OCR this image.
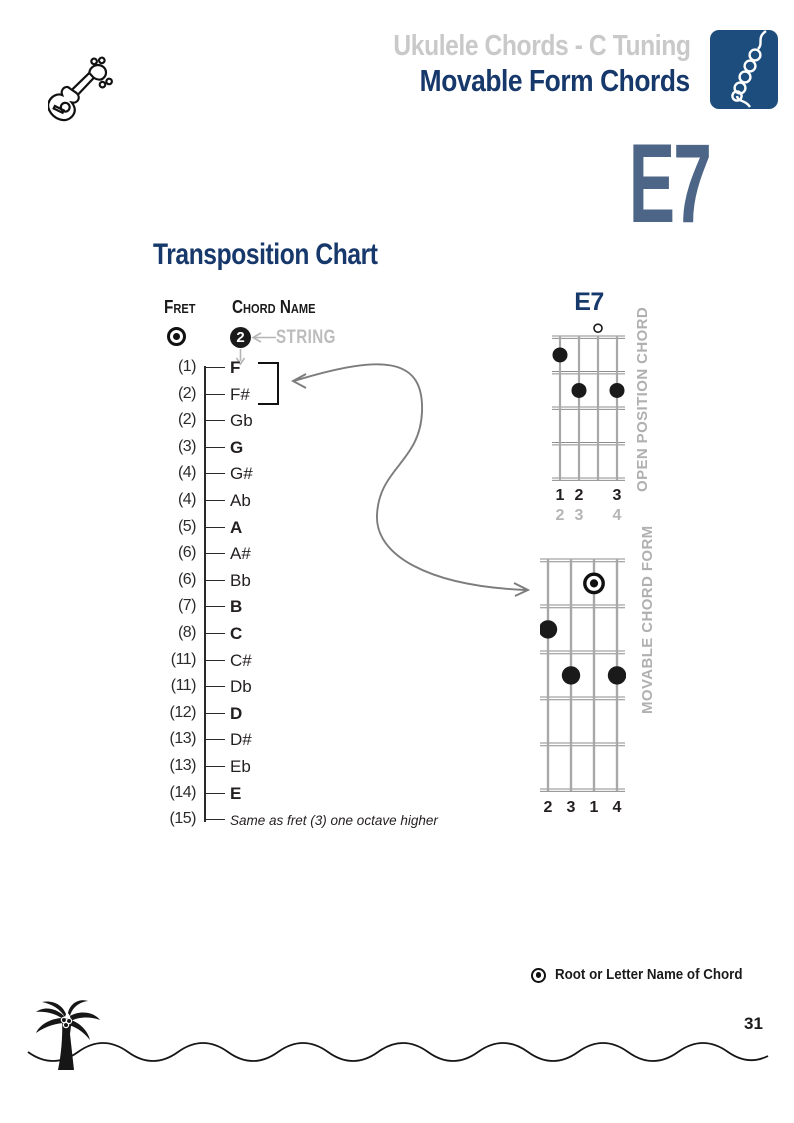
Ukulele Chords - C Tuning
Movable Form Chords
E7
Transposition Chart
Fret Chord Name
2	STRING
(1) F
(2) F#
(2) Gb
(3) G
(4) G#
(4) Ab
(5) A
(6) A#
(6) Bb
(7) B
(8) C
(11) C#
(11) Db
(12) D
(13) D#
(13) Eb
(14) E
(15)	Same as fret (3) one octave higher
E7
OPEN POSITION CHORD
1 2 3
2 3 4
MOVABLE CHORD FORM
2 3 1 4
Root or Letter Name of Chord
31
